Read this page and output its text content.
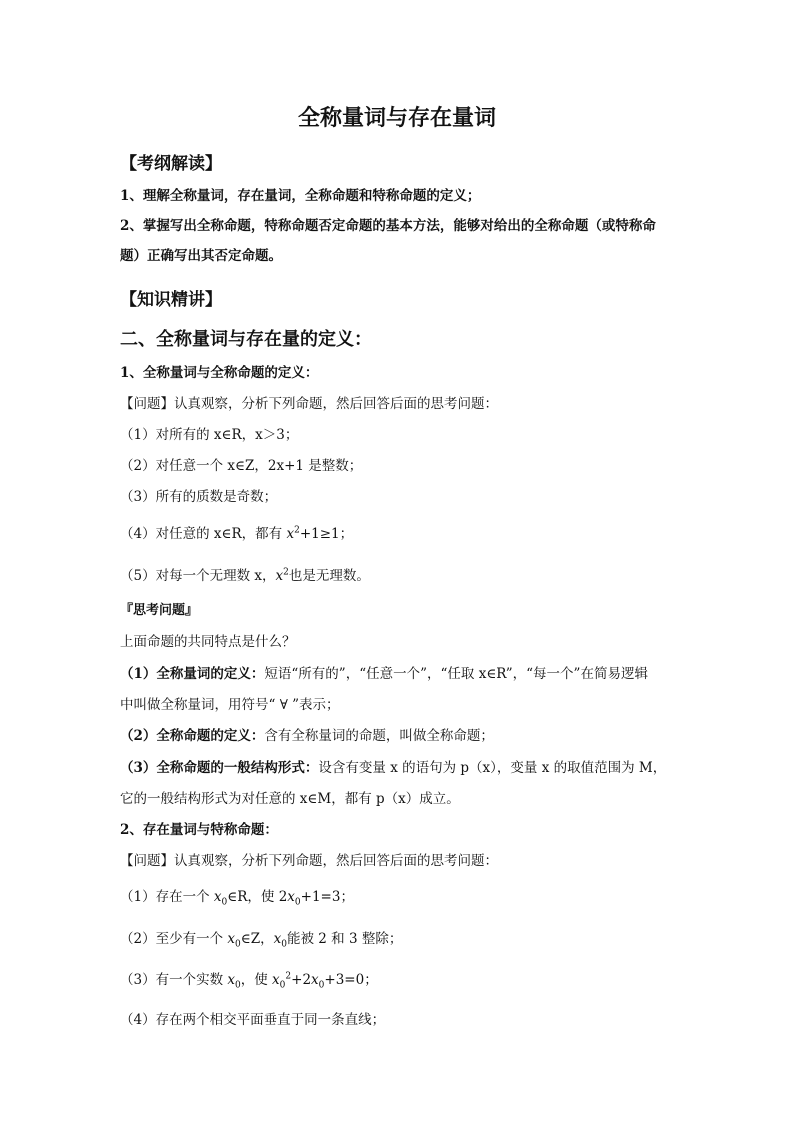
全称量词与存在量词
【考纲解读】
1、理解全称量词，存在量词，全称命题和特称命题的定义；
2、掌握写出全称命题，特称命题否定命题的基本方法，能够对给出的全称命题（或特称命
题）正确写出其否定命题。
【知识精讲】
二、全称量词与存在量的定义：
1、全称量词与全称命题的定义：
【问题】认真观察，分析下列命题，然后回答后面的思考问题：
（1）对所有的 x∈R，x＞3；
（2）对任意一个 x∈Z，2x+1 是整数；
（3）所有的质数是奇数；
（4）对任意的 x∈R，都有 $x^2+1\ge 1$；
（5）对每一个无理数 x，$x^2$也是无理数。
『思考问题』
上面命题的共同特点是什么？
（1）全称量词的定义：短语“所有的”，“任意一个”，“任取 x∈R”，“每一个”在简易逻辑
中叫做全称量词，用符号“ ∀ ”表示；
（2）全称命题的定义：含有全称量词的命题，叫做全称命题；
（3）全称命题的一般结构形式：设含有变量 x 的语句为 p（x），变量 x 的取值范围为 M，
它的一般结构形式为对任意的 x∈M，都有 p（x）成立。
2、存在量词与特称命题：
【问题】认真观察，分析下列命题，然后回答后面的思考问题：
（1）存在一个 $x_0\in R$，使 $2x_0+1=3$；
（2）至少有一个 $x_0\in Z$，$x_0$能被 2 和 3 整除；
（3）有一个实数 $x_0$，使 $x_0^2+2x_0+3=0$；
（4）存在两个相交平面垂直于同一条直线；
